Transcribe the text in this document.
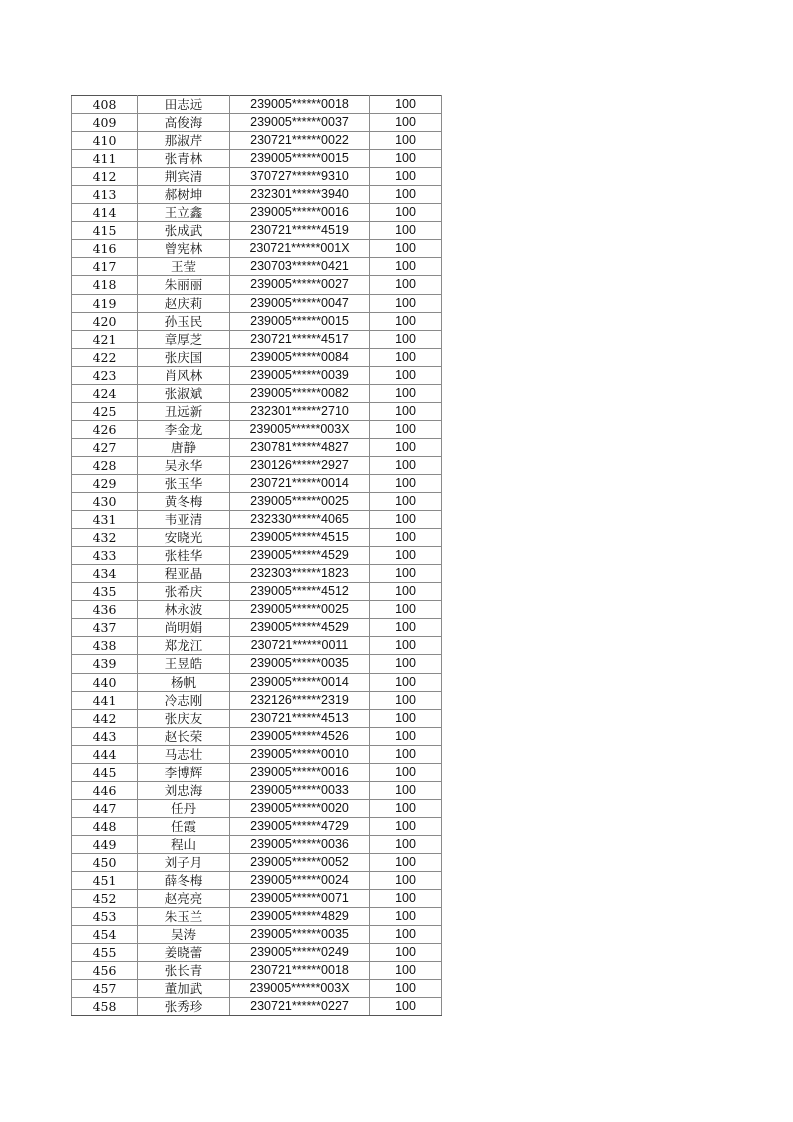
408	田志远	239005******0018	100
409	高俊海	239005******0037	100
410	那淑芹	230721******0022	100
411	张青林	239005******0015	100
412	荆宾清	370727******9310	100
413	郝树坤	232301******3940	100
414	王立鑫	239005******0016	100
415	张成武	230721******4519	100
416	曾宪林	230721******001X	100
417	王莹	230703******0421	100
418	朱丽丽	239005******0027	100
419	赵庆莉	239005******0047	100
420	孙玉民	239005******0015	100
421	章厚芝	230721******4517	100
422	张庆国	239005******0084	100
423	肖风林	239005******0039	100
424	张淑斌	239005******0082	100
425	丑远新	232301******2710	100
426	李金龙	239005******003X	100
427	唐静	230781******4827	100
428	吴永华	230126******2927	100
429	张玉华	230721******0014	100
430	黄冬梅	239005******0025	100
431	韦亚清	232330******4065	100
432	安晓光	239005******4515	100
433	张桂华	239005******4529	100
434	程亚晶	232303******1823	100
435	张希庆	239005******4512	100
436	林永波	239005******0025	100
437	尚明娟	239005******4529	100
438	郑龙江	230721******0011	100
439	王昱皓	239005******0035	100
440	杨帆	239005******0014	100
441	冷志刚	232126******2319	100
442	张庆友	230721******4513	100
443	赵长荣	239005******4526	100
444	马志壮	239005******0010	100
445	李博辉	239005******0016	100
446	刘忠海	239005******0033	100
447	任丹	239005******0020	100
448	任霞	239005******4729	100
449	程山	239005******0036	100
450	刘子月	239005******0052	100
451	薛冬梅	239005******0024	100
452	赵亮亮	239005******0071	100
453	朱玉兰	239005******4829	100
454	吴涛	239005******0035	100
455	姜晓蕾	239005******0249	100
456	张长青	230721******0018	100
457	董加武	239005******003X	100
458	张秀珍	230721******0227	100
